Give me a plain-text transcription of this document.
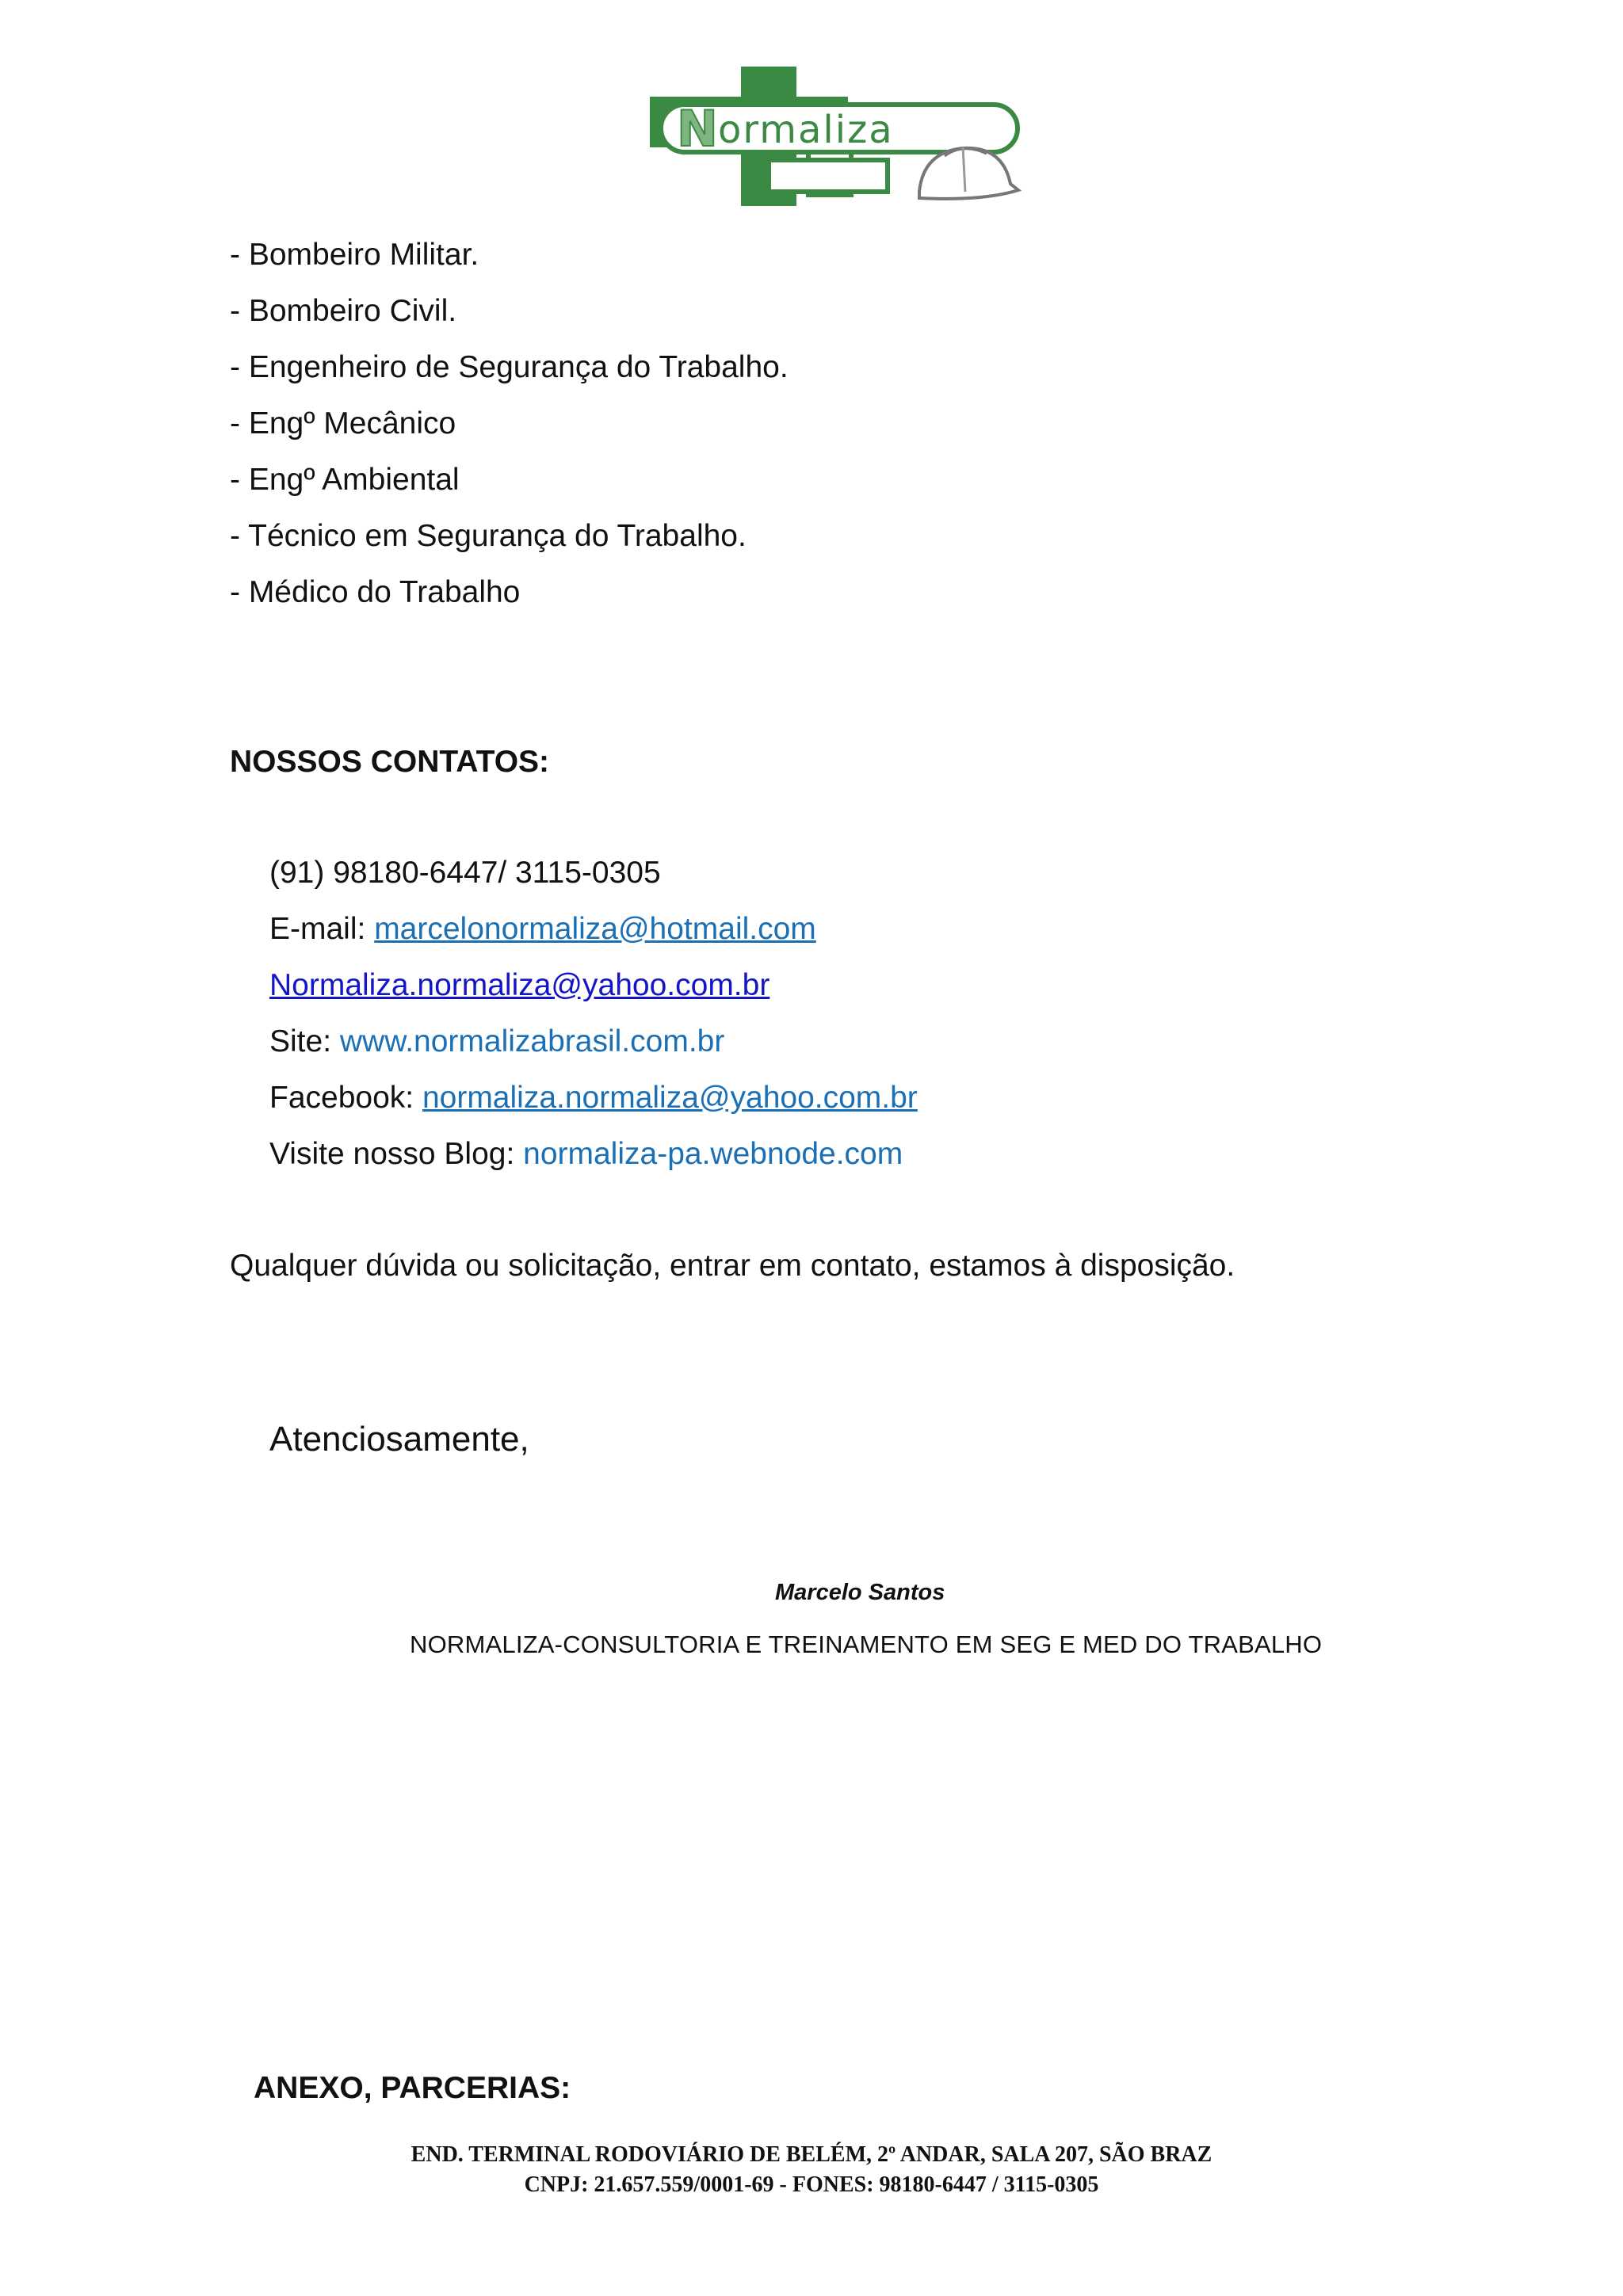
N ormaliza
- Bombeiro Militar.
- Bombeiro Civil.
- Engenheiro de Segurança do Trabalho.
- Engº Mecânico
- Engº Ambiental
- Técnico em Segurança do Trabalho.
- Médico do Trabalho
NOSSOS CONTATOS:
(91) 98180-6447/ 3115-0305
E-mail: marcelonormaliza@hotmail.com
Normaliza.normaliza@yahoo.com.br
Site: www.normalizabrasil.com.br
Facebook: normaliza.normaliza@yahoo.com.br
Visite nosso Blog: normaliza-pa.webnode.com
Qualquer dúvida ou solicitação, entrar em contato, estamos à disposição.
Atenciosamente,
Marcelo Santos
NORMALIZA-CONSULTORIA E TREINAMENTO EM SEG E MED DO TRABALHO
ANEXO, PARCERIAS:
END. TERMINAL RODOVIÁRIO DE BELÉM, 2º ANDAR, SALA 207, SÃO BRAZ
CNPJ: 21.657.559/0001-69 - FONES: 98180-6447 / 3115-0305
